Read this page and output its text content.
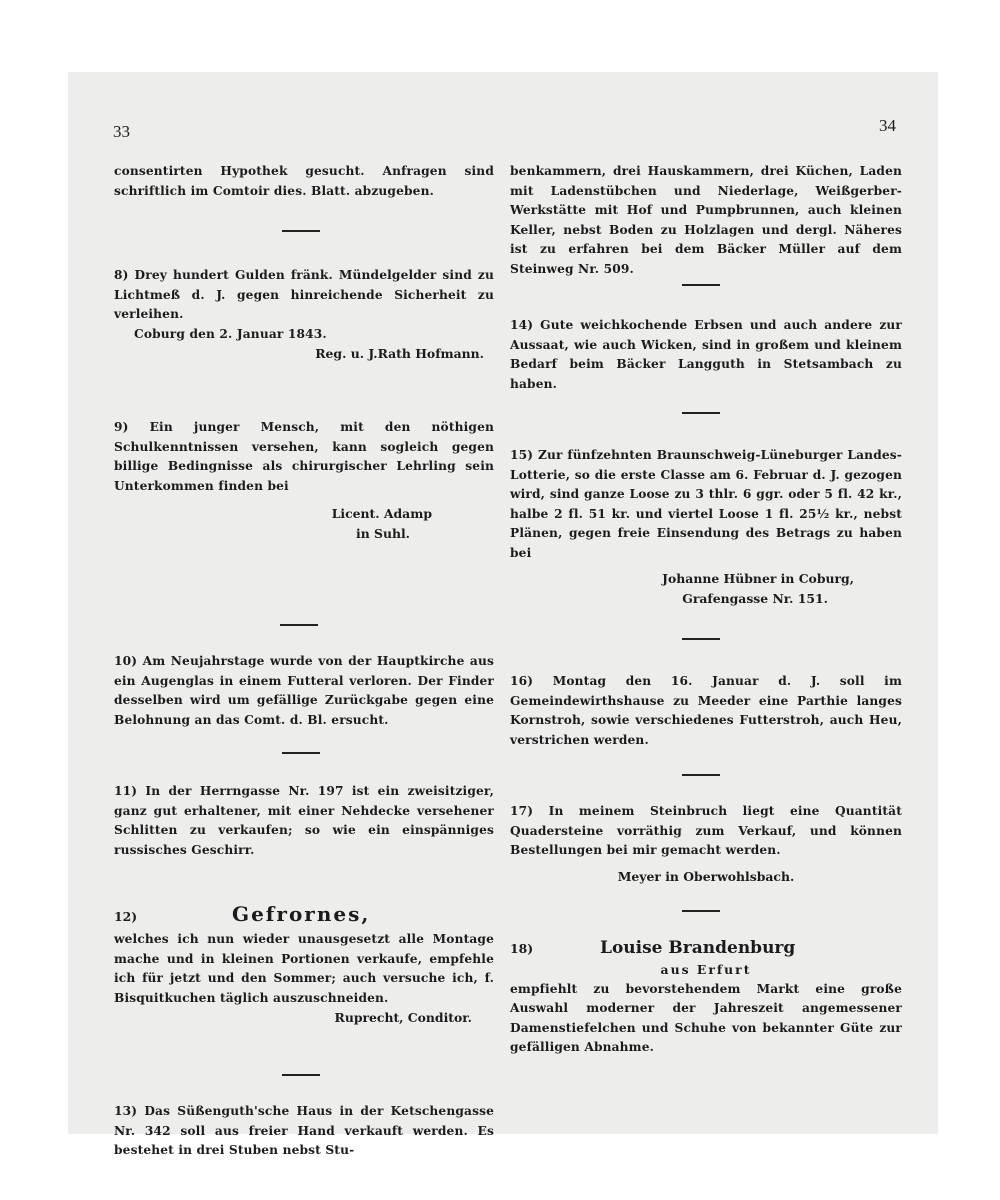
33	34

consentirten Hypothek gesucht. Anfragen sind schriftlich im Comtoir dies. Blatt. abzugeben.

8) Drey hundert Gulden fränk. Mündelgelder sind zu Lichtmeß d. J. gegen hinreichende Sicherheit zu verleihen.

Coburg den 2. Januar 1843.

Reg. u. J.Rath Hofmann.

9) Ein junger Mensch, mit den nöthigen Schulkenntnissen versehen, kann sogleich gegen billige Bedingnisse als chirurgischer Lehrling sein Unterkommen finden bei

Licent. Adamp

in Suhl.

10) Am Neujahrstage wurde von der Hauptkirche aus ein Augenglas in einem Futteral verloren. Der Finder desselben wird um gefällige Zurückgabe gegen eine Belohnung an das Comt. d. Bl. ersucht.

11) In der Herrngasse Nr. 197 ist ein zweisitziger, ganz gut erhaltener, mit einer Nehdecke versehener Schlitten zu verkaufen; so wie ein einspänniges russisches Geschirr.

12)	Gefrornes,

welches ich nun wieder unausgesetzt alle Montage mache und in kleinen Portionen verkaufe, empfehle ich für jetzt und den Sommer; auch versuche ich, f. Bisquitkuchen täglich auszuschneiden.

Ruprecht, Conditor.

13) Das Süßenguth'sche Haus in der Ketschengasse Nr. 342 soll aus freier Hand verkauft werden. Es bestehet in drei Stuben nebst Stu-

benkammern, drei Hauskammern, drei Küchen, Laden mit Ladenstübchen und Niederlage, Weißgerber-Werkstätte mit Hof und Pumpbrunnen, auch kleinen Keller, nebst Boden zu Holzlagen und dergl. Näheres ist zu erfahren bei dem Bäcker Müller auf dem Steinweg Nr. 509.

14) Gute weichkochende Erbsen und auch andere zur Aussaat, wie auch Wicken, sind in großem und kleinem Bedarf beim Bäcker Langguth in Stetsambach zu haben.

15) Zur fünfzehnten Braunschweig-Lüneburger Landes-Lotterie, so die erste Classe am 6. Februar d. J. gezogen wird, sind ganze Loose zu 3 thlr. 6 ggr. oder 5 fl. 42 kr., halbe 2 fl. 51 kr. und viertel Loose 1 fl. 25½ kr., nebst Plänen, gegen freie Einsendung des Betrags zu haben bei

Johanne Hübner in Coburg,

Grafengasse Nr. 151.

16) Montag den 16. Januar d. J. soll im Gemeindewirthshause zu Meeder eine Parthie langes Kornstroh, sowie verschiedenes Futterstroh, auch Heu, verstrichen werden.

17) In meinem Steinbruch liegt eine Quantität Quadersteine vorräthig zum Verkauf, und können Bestellungen bei mir gemacht werden.

Meyer in Oberwohlsbach.

18)	Louise Brandenburg

aus Erfurt

empfiehlt zu bevorstehendem Markt eine große Auswahl moderner der Jahreszeit angemessener Damenstiefelchen und Schuhe von bekannter Güte zur gefälligen Abnahme.
